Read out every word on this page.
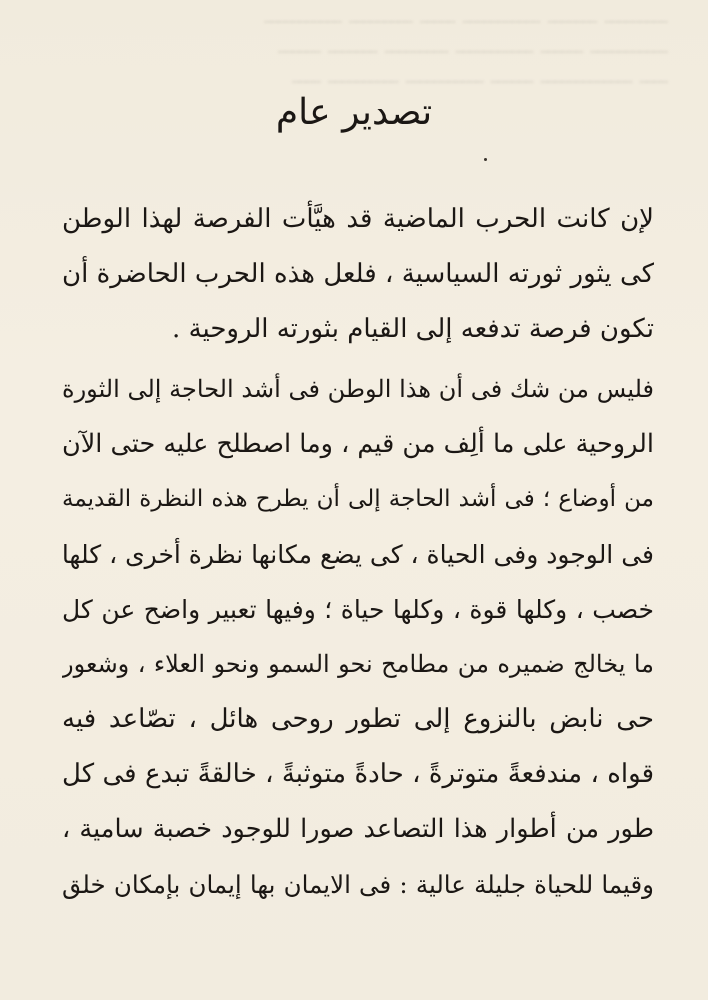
ـــــــــ ـــــــ ـــــــــــ ـــــ ـــــــــ ـــــــــــ
ـــــــــــ ــــــ ـــــــــــ ـــــــــ ـــــــ ــــــ
ــــ ـــــــــــــ ــــــ ـــــــــــ ــــــــــ ــــ
تصدير عام
لإن كانت الحرب الماضية قد هيَّأت الفرصة لهذا الوطن
كى يثور ثورته السياسية ، فلعل هذه الحرب الحاضرة أن
تكون فرصة تدفعه إلى القيام بثورته الروحية .
فليس من شك فى أن هذا الوطن فى أشد الحاجة إلى الثورة
الروحية على ما ألِف من قيم ، وما اصطلح عليه حتى الآن
من أوضاع ؛ فى أشد الحاجة إلى أن يطرح هذه النظرة القديمة
فى الوجود وفى الحياة ، كى يضع مكانها نظرة أخرى ، كلها
خصب ، وكلها قوة ، وكلها حياة ؛ وفيها تعبير واضح عن كل
ما يخالج ضميره من مطامح نحو السمو ونحو العلاء ، وشعور
حى نابض بالنزوع إلى تطور روحى هائل ، تصّاعد فيه
قواه ، مندفعةً متوترةً ، حادةً متوثبةً ، خالقةً تبدع فى كل
طور من أطوار هذا التصاعد صورا للوجود خصبة سامية ،
وقيما للحياة جليلة عالية : فى الايمان بها إيمان بإمكان خلق
